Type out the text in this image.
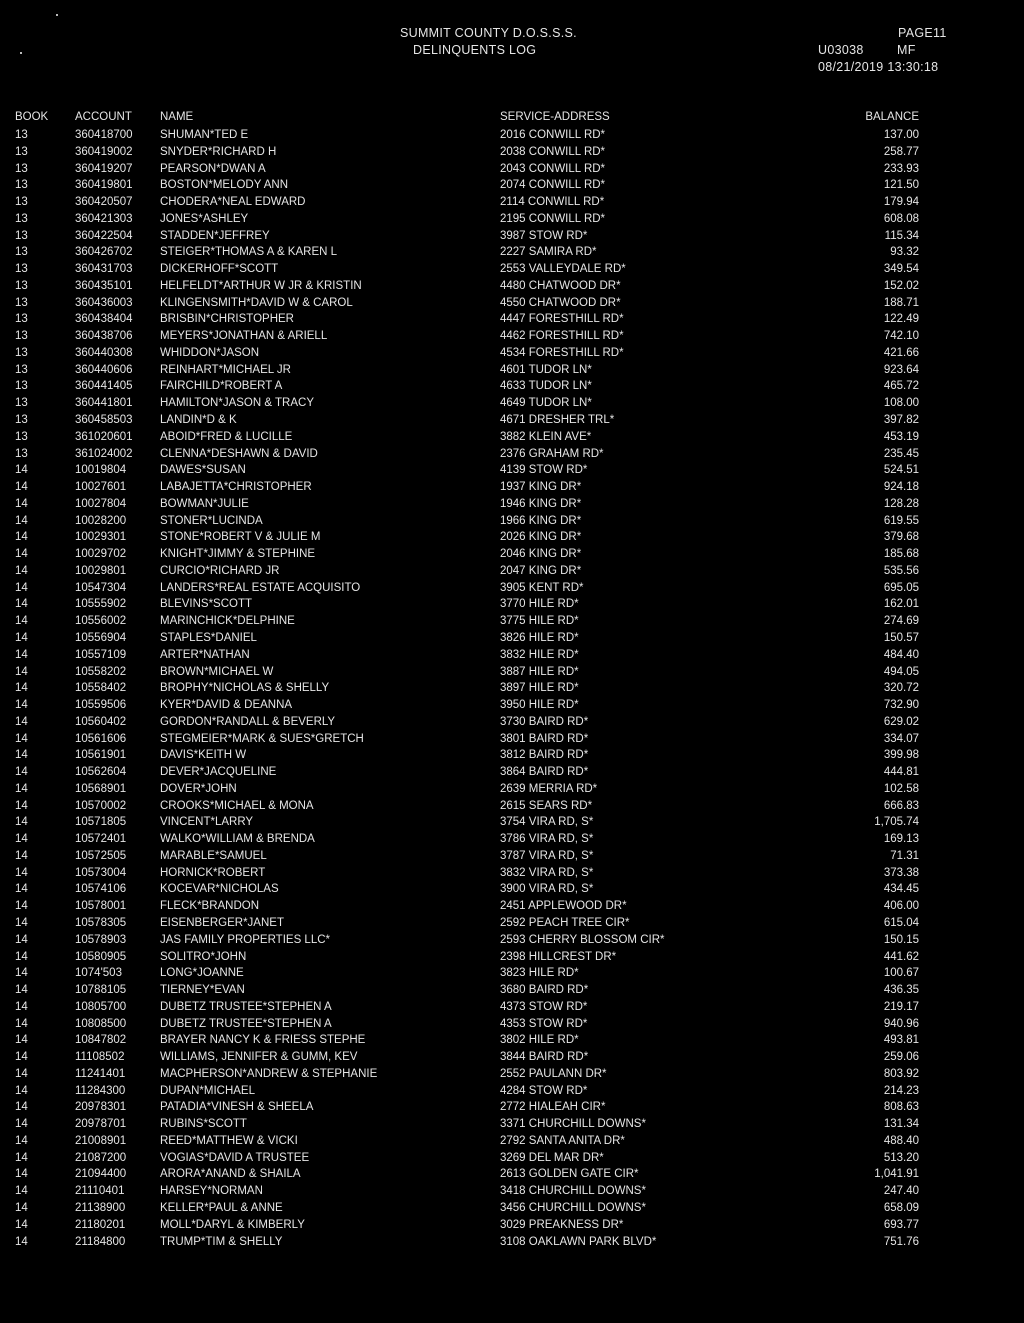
SUMMIT COUNTY D.O.S.S.S.
DELINQUENTS LOG
PAGE 11
U03038	MF
08/21/2019 13:30:18
BOOK ACCOUNT NAME	SERVICE-ADDRESS	BALANCE
13	360418700 SHUMAN*TED E	2016 CONWILL RD*	137.00
13	360419002 SNYDER*RICHARD H	2038 CONWILL RD*	258.77
13	360419207 PEARSON*DWAN A	2043 CONWILL RD*	233.93
13	360419801 BOSTON*MELODY ANN	2074 CONWILL RD*	121.50
13	360420507 CHODERA*NEAL EDWARD	2114 CONWILL RD*	179.94
13	360421303 JONES*ASHLEY	2195 CONWILL RD*	608.08
13	360422504 STADDEN*JEFFREY	3987 STOW RD*	115.34
13	360426702 STEIGER*THOMAS A & KAREN L	2227 SAMIRA RD*	93.32
13	360431703 DICKERHOFF*SCOTT	2553 VALLEYDALE RD*	349.54
13	360435101 HELFELDT*ARTHUR W JR & KRISTIN	4480 CHATWOOD DR*	152.02
13	360436003 KLINGENSMITH*DAVID W & CAROL	4550 CHATWOOD DR*	188.71
13	360438404 BRISBIN*CHRISTOPHER	4447 FORESTHILL RD*	122.49
13	360438706 MEYERS*JONATHAN & ARIELL	4462 FORESTHILL RD*	742.10
13	360440308 WHIDDON*JASON	4534 FORESTHILL RD*	421.66
13	360440606 REINHART*MICHAEL JR	4601 TUDOR LN*	923.64
13	360441405 FAIRCHILD*ROBERT A	4633 TUDOR LN*	465.72
13	360441801 HAMILTON*JASON & TRACY	4649 TUDOR LN*	108.00
13	360458503 LANDIN*D & K	4671 DRESHER TRL*	397.82
13	361020601 ABOID*FRED & LUCILLE	3882 KLEIN AVE*	453.19
13	361024002 CLENNA*DESHAWN & DAVID	2376 GRAHAM RD*	235.45
14	10019804	DAWES*SUSAN	4139 STOW RD*	524.51
14	10027601	LABAJETTA*CHRISTOPHER	1937 KING DR*	924.18
14	10027804	BOWMAN*JULIE	1946 KING DR*	128.28
14	10028200	STONER*LUCINDA	1966 KING DR*	619.55
14	10029301	STONE*ROBERT V & JULIE M	2026 KING DR*	379.68
14	10029702	KNIGHT*JIMMY & STEPHINE	2046 KING DR*	185.68
14	10029801	CURCIO*RICHARD JR	2047 KING DR*	535.56
14	10547304	LANDERS*REAL ESTATE ACQUISITO	3905 KENT RD*	695.05
14	10555902	BLEVINS*SCOTT	3770 HILE RD*	162.01
14	10556002	MARINCHICK*DELPHINE	3775 HILE RD*	274.69
14	10556904	STAPLES*DANIEL	3826 HILE RD*	150.57
14	10557109	ARTER*NATHAN	3832 HILE RD*	484.40
14	10558202	BROWN*MICHAEL W	3887 HILE RD*	494.05
14	10558402	BROPHY*NICHOLAS & SHELLY	3897 HILE RD*	320.72
14	10559506	KYER*DAVID & DEANNA	3950 HILE RD*	732.90
14	10560402	GORDON*RANDALL & BEVERLY	3730 BAIRD RD*	629.02
14	10561606	STEGMEIER*MARK & SUES*GRETCH	3801 BAIRD RD*	334.07
14	10561901	DAVIS*KEITH W	3812 BAIRD RD*	399.98
14	10562604	DEVER*JACQUELINE	3864 BAIRD RD*	444.81
14	10568901	DOVER*JOHN	2639 MERRIA RD*	102.58
14	10570002	CROOKS*MICHAEL & MONA	2615 SEARS RD*	666.83
14	10571805	VINCENT*LARRY	3754 VIRA RD, S*	1,705.74
14	10572401	WALKO*WILLIAM & BRENDA	3786 VIRA RD, S*	169.13
14	10572505	MARABLE*SAMUEL	3787 VIRA RD, S*	71.31
14	10573004	HORNICK*ROBERT	3832 VIRA RD, S*	373.38
14	10574106	KOCEVAR*NICHOLAS	3900 VIRA RD, S*	434.45
14	10578001	FLECK*BRANDON	2451 APPLEWOOD DR*	406.00
14	10578305	EISENBERGER*JANET	2592 PEACH TREE CIR*	615.04
14	10578903	JAS FAMILY PROPERTIES LLC*	2593 CHERRY BLOSSOM CIR*	150.15
14	10580905	SOLITRO*JOHN	2398 HILLCREST DR*	441.62
14	1074'503	LONG*JOANNE	3823 HILE RD*	100.67
14	10788105	TIERNEY*EVAN	3680 BAIRD RD*	436.35
14	10805700	DUBETZ TRUSTEE*STEPHEN A	4373 STOW RD*	219.17
14	10808500	DUBETZ TRUSTEE*STEPHEN A	4353 STOW RD*	940.96
14	10847802	BRAYER NANCY K & FRIESS STEPHE	3802 HILE RD*	493.81
14	11108502	WILLIAMS, JENNIFER & GUMM, KEV	3844 BAIRD RD*	259.06
14	11241401	MACPHERSON*ANDREW & STEPHANIE	2552 PAULANN DR*	803.92
14	11284300	DUPAN*MICHAEL	4284 STOW RD*	214.23
14	20978301	PATADIA*VINESH & SHEELA	2772 HIALEAH CIR*	808.63
14	20978701	RUBINS*SCOTT	3371 CHURCHILL DOWNS*	131.34
14	21008901	REED*MATTHEW & VICKI	2792 SANTA ANITA DR*	488.40
14	21087200	VOGIAS*DAVID A TRUSTEE	3269 DEL MAR DR*	513.20
14	21094400	ARORA*ANAND & SHAILA	2613 GOLDEN GATE CIR*	1,041.91
14	21110401	HARSEY*NORMAN	3418 CHURCHILL DOWNS*	247.40
14	21138900	KELLER*PAUL & ANNE	3456 CHURCHILL DOWNS*	658.09
14	21180201	MOLL*DARYL & KIMBERLY	3029 PREAKNESS DR*	693.77
14	21184800	TRUMP*TIM & SHELLY	3108 OAKLAWN PARK BLVD*	751.76
